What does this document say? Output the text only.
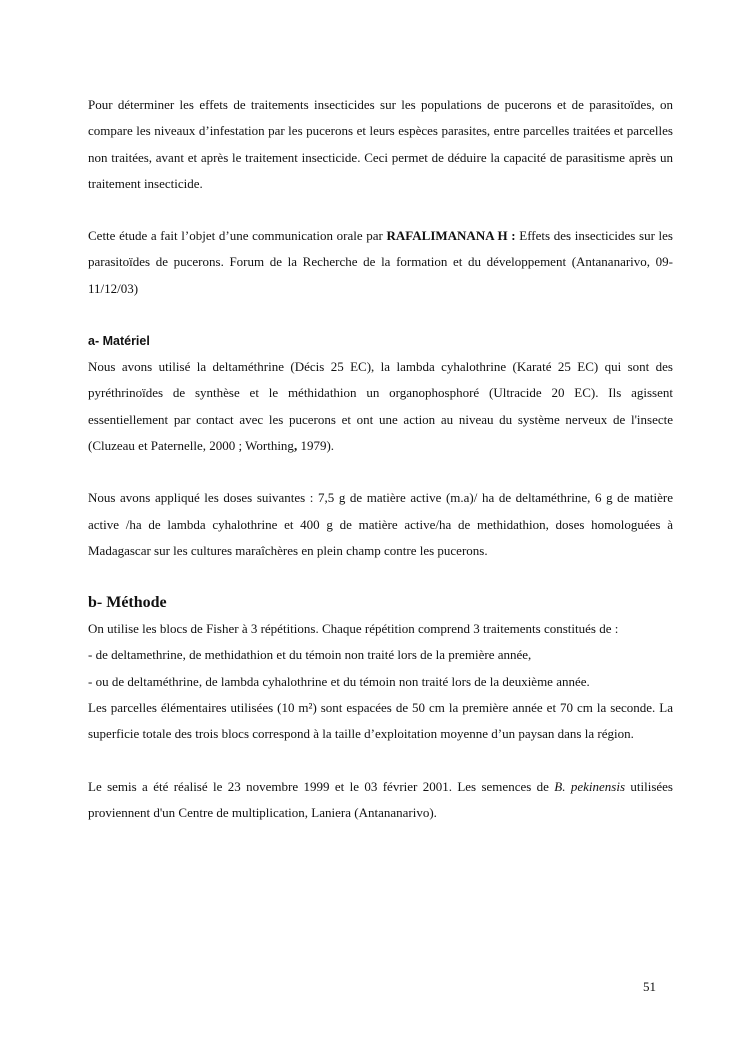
Pour déterminer les effets de traitements insecticides sur les populations de pucerons et de parasitoïdes, on compare les niveaux d’infestation par les pucerons et leurs espèces parasites, entre parcelles traitées et parcelles non traitées, avant et après le traitement insecticide. Ceci permet de déduire la capacité de parasitisme après un traitement insecticide.

Cette étude a fait l’objet d’une communication orale par RAFALIMANANA H : Effets des insecticides sur les parasitoïdes de pucerons. Forum de la Recherche de la formation et du développement (Antananarivo, 09-11/12/03)

a- Matériel

Nous avons utilisé la deltaméthrine (Décis 25 EC), la lambda cyhalothrine (Karaté 25 EC) qui sont des pyréthrinoïdes de synthèse et le méthidathion un organophosphoré (Ultracide 20 EC). Ils agissent essentiellement par contact avec les pucerons et ont une action au niveau du système nerveux de l'insecte (Cluzeau et Paternelle, 2000 ; Worthing, 1979).

Nous avons appliqué les doses suivantes : 7,5 g de matière active (m.a)/ ha de deltaméthrine, 6 g de matière active /ha de lambda cyhalothrine et 400 g de matière active/ha de methidathion, doses homologuées à Madagascar sur les cultures maraîchères en plein champ contre les pucerons.

b- Méthode

On utilise les blocs de Fisher à 3 répétitions. Chaque répétition comprend 3 traitements constitués de :

- de deltamethrine, de methidathion et du témoin non traité lors de la première année,

- ou de deltaméthrine, de lambda cyhalothrine et du témoin non traité lors de la deuxième année.

Les parcelles élémentaires utilisées (10 m²) sont espacées de 50 cm la première année et 70 cm la seconde. La superficie totale des trois blocs correspond à la taille d’exploitation moyenne d’un paysan dans la région.

Le semis a été réalisé le 23 novembre 1999 et le 03 février 2001. Les semences de B. pekinensis utilisées proviennent d'un Centre de multiplication, Laniera (Antananarivo).

51
